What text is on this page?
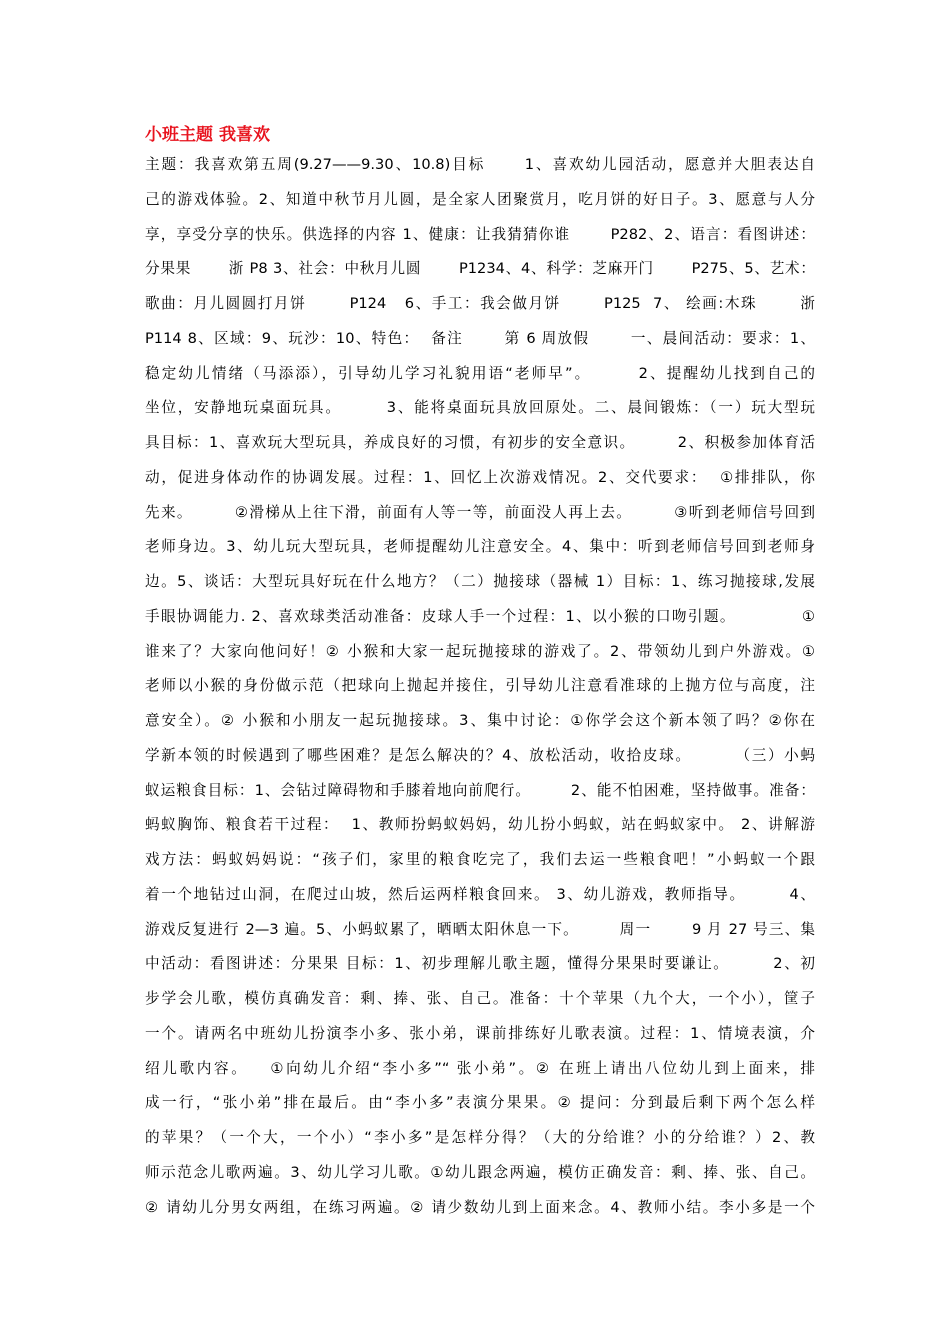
小班主题 我喜欢
主题：我喜欢第五周(9.27——9.30、10.8)目标      1、喜欢幼儿园活动，愿意并大胆表达自
己的游戏体验。2、知道中秋节月儿圆，是全家人团聚赏月，吃月饼的好日子。3、愿意与人分
享，享受分享的快乐。供选择的内容 1、健康：让我猜猜你谁       P282、2、语言：看图讲述：
分果果       浙 P8 3、社会：中秋月儿圆       P1234、4、科学：芝麻开门       P275、5、艺术：
歌曲：月儿圆圆打月饼       P124   6、手工：我会做月饼       P125  7、 绘画:木珠       浙
P114 8、区域：9、玩沙：10、特色：  备注       第 6 周放假       一、晨间活动：要求：1、
稳定幼儿情绪（马添添），引导幼儿学习礼貌用语“老师早”。       2、提醒幼儿找到自己的
坐位，安静地玩桌面玩具。       3、能将桌面玩具放回原处。二、晨间锻炼：（一）玩大型玩
具目标：1、喜欢玩大型玩具，养成良好的习惯，有初步的安全意识。       2、积极参加体育活
动，促进身体动作的协调发展。过程：1、回忆上次游戏情况。2、交代要求：  ①排排队，你
先来。       ②滑梯从上往下滑，前面有人等一等，前面没人再上去。       ③听到老师信号回到
老师身边。3、幼儿玩大型玩具，老师提醒幼儿注意安全。4、集中：听到老师信号回到老师身
边。5、谈话：大型玩具好玩在什么地方？（二）抛接球（器械 1）目标：1、练习抛接球,发展
手眼协调能力. 2、喜欢球类活动准备：皮球人手一个过程：1、以小猴的口吻引题。           ①
谁来了？大家向他问好！② 小猴和大家一起玩抛接球的游戏了。2、带领幼儿到户外游戏。①
老师以小猴的身份做示范（把球向上抛起并接住，引导幼儿注意看准球的上抛方位与高度，注
意安全）。② 小猴和小朋友一起玩抛接球。3、集中讨论：①你学会这个新本领了吗？②你在
学新本领的时候遇到了哪些困难？是怎么解决的？4、放松活动，收拾皮球。       （三）小蚂
蚁运粮食目标：1、会钻过障碍物和手膝着地向前爬行。       2、能不怕困难，坚持做事。准备：
蚂蚁胸饰、粮食若干过程：  1、教师扮蚂蚁妈妈，幼儿扮小蚂蚁，站在蚂蚁家中。 2、讲解游
戏方法：蚂蚁妈妈说：“孩子们，家里的粮食吃完了，我们去运一些粮食吧！”小蚂蚁一个跟
着一个地钻过山洞，在爬过山坡，然后运两样粮食回来。 3、幼儿游戏，教师指导。       4、
游戏反复进行 2—3 遍。5、小蚂蚁累了，晒晒太阳休息一下。       周一       9 月 27 号三、集
中活动：看图讲述：分果果 目标：1、初步理解儿歌主题，懂得分果果时要谦让。       2、初
步学会儿歌，模仿真确发音：剩、捧、张、自己。准备：十个苹果（九个大，一个小），筐子
一个。请两名中班幼儿扮演李小多、张小弟，课前排练好儿歌表演。过程：1、情境表演，介
绍儿歌内容。   ①向幼儿介绍“李小多”“ 张小弟”。② 在班上请出八位幼儿到上面来，排
成一行，“张小弟”排在最后。由“李小多”表演分果果。② 提问：分到最后剩下两个怎么样
的苹果？（一个大，一个小）“李小多”是怎样分得？（大的分给谁？小的分给谁？）2、教
师示范念儿歌两遍。3、幼儿学习儿歌。①幼儿跟念两遍，模仿正确发音：剩、捧、张、自己。
② 请幼儿分男女两组，在练习两遍。② 请少数幼儿到上面来念。4、教师小结。李小多是一个
